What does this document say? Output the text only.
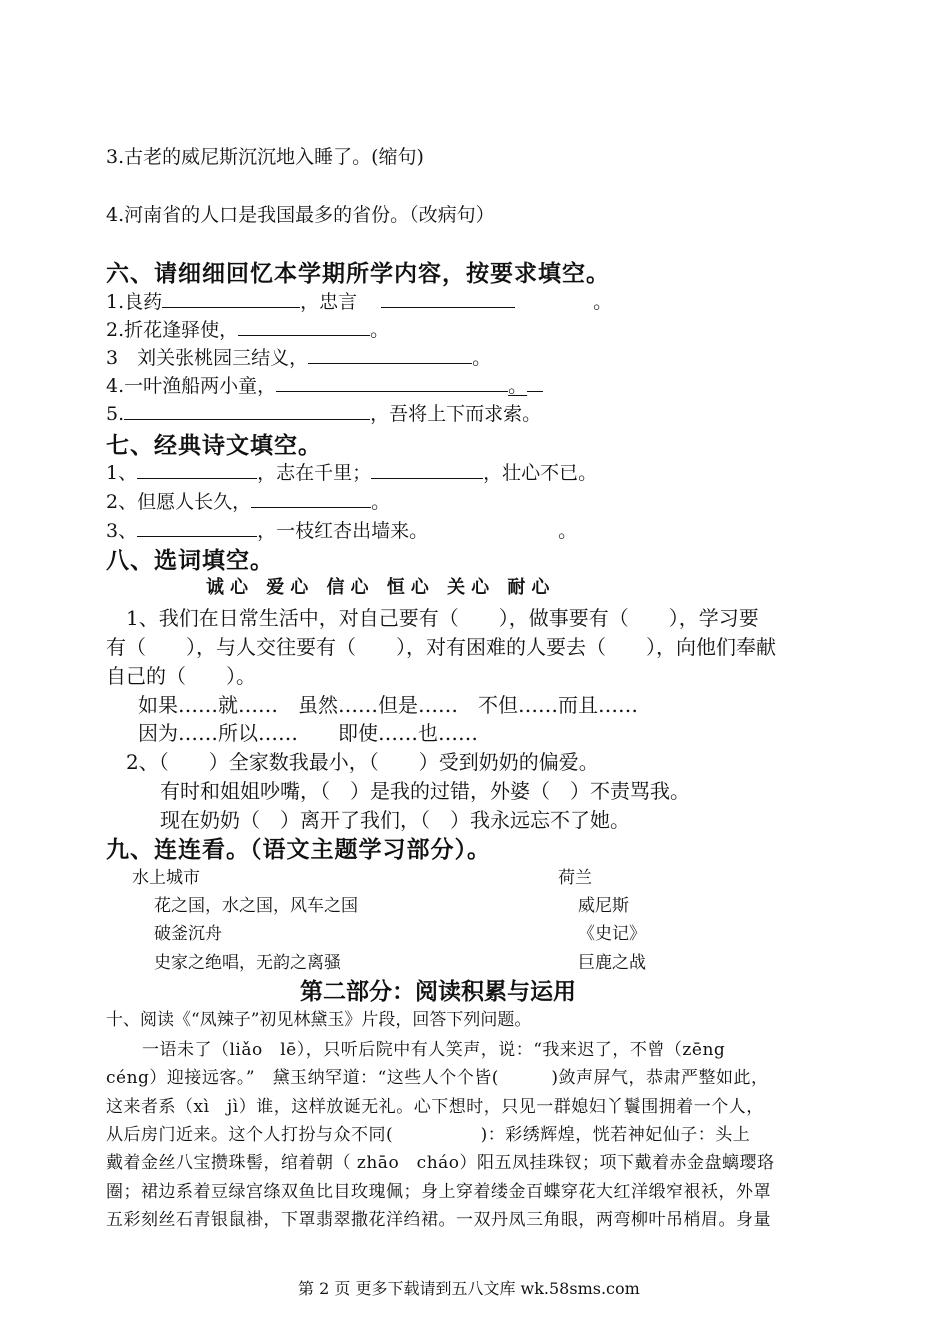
3.古老的威尼斯沉沉地入睡了。(缩句)
4.河南省的人口是我国最多的省份。（改病句）
六、请细细回忆本学期所学内容，按要求填空。
1.良药	，忠言	。
2.折花逢驿使，	。
3　刘关张桃园三结义，	。
4.一叶渔船两小童，	。
5.	，吾将上下而求索。
七、经典诗文填空。
1、	，志在千里；	，壮心不已。
2、但愿人长久，	。
3、	，一枝红杏出墙来。	。
八、选词填空。
诚心 爱心 信心 恒心 关心 耐心
1、我们在日常生活中，对自己要有（　　），做事要有（　　），学习要
有（　　），与人交往要有（　　），对有困难的人要去（　　），向他们奉献
自己的（　　）。
如果……就……　虽然……但是……　不但……而且……
因为……所以……　　即使……也……
2、（　　）全家数我最小，（　　）受到奶奶的偏爱。
有时和姐姐吵嘴，（　）是我的过错，外婆（　）不责骂我。
现在奶奶（　）离开了我们，（　）我永远忘不了她。
九、连连看。（语文主题学习部分）。
水上城市
花之国，水之国，风车之国
破釜沉舟
史家之绝唱，无韵之离骚
荷兰
威尼斯
《史记》
巨鹿之战
第二部分：阅读积累与运用
十、阅读《“凤辣子”初见林黛玉》片段，回答下列问题。
一语未了（liǎo　lē），只听后院中有人笑声，说：“我来迟了，不曾（zēng
céng）迎接远客。”　黛玉纳罕道：“这些人个个皆(　　　)敛声屏气，恭肃严整如此，
这来者系（xì　jì）谁，这样放诞无礼。心下想时，只见一群媳妇丫鬟围拥着一个人，
从后房门近来。这个人打扮与众不同(　　　　　)：彩绣辉煌，恍若神妃仙子：头上
戴着金丝八宝攒珠髻，绾着朝（ zhāo　cháo）阳五凤挂珠钗；项下戴着赤金盘螭璎珞
圈；裙边系着豆绿宫绦双鱼比目玫瑰佩；身上穿着缕金百蝶穿花大红洋缎窄裉袄，外罩
五彩刻丝石青银鼠褂，下罩翡翠撒花洋绉裙。一双丹凤三角眼，两弯柳叶吊梢眉。身量
第 2 页 更多下载请到五八文库 wk.58sms.com
